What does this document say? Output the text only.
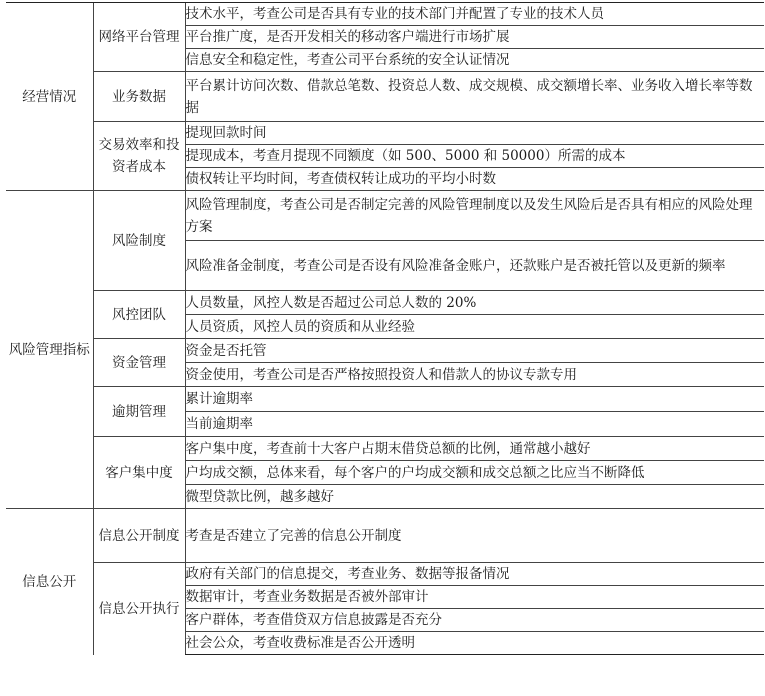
经营情况	网络平台管理	技术水平，考查公司是否具有专业的技术部门并配置了专业的技术人员
		平台推广度，是否开发相关的移动客户端进行市场扩展
		信息安全和稳定性，考查公司平台系统的安全认证情况
	业务数据	平台累计访问次数、借款总笔数、投资总人数、成交规模、成交额增长率、业务收入增长率等数据
	交易效率和投资者成本	提现回款时间
		提现成本，考查月提现不同额度（如 500、5000 和 50000）所需的成本
		债权转让平均时间，考查债权转让成功的平均小时数
风险管理指标	风险制度	风险管理制度，考查公司是否制定完善的风险管理制度以及发生风险后是否具有相应的风险处理方案
		风险准备金制度，考查公司是否设有风险准备金账户，还款账户是否被托管以及更新的频率
	风控团队	人员数量，风控人数是否超过公司总人数的 20%
		人员资质，风控人员的资质和从业经验
	资金管理	资金是否托管
		资金使用，考查公司是否严格按照投资人和借款人的协议专款专用
	逾期管理	累计逾期率
		当前逾期率
	客户集中度	客户集中度，考查前十大客户占期末借贷总额的比例，通常越小越好
		户均成交额，总体来看，每个客户的户均成交额和成交总额之比应当不断降低
		微型贷款比例，越多越好
信息公开	信息公开制度	考查是否建立了完善的信息公开制度
	信息公开执行	政府有关部门的信息提交，考查业务、数据等报备情况
		数据审计，考查业务数据是否被外部审计
		客户群体，考查借贷双方信息披露是否充分
		社会公众，考查收费标准是否公开透明
